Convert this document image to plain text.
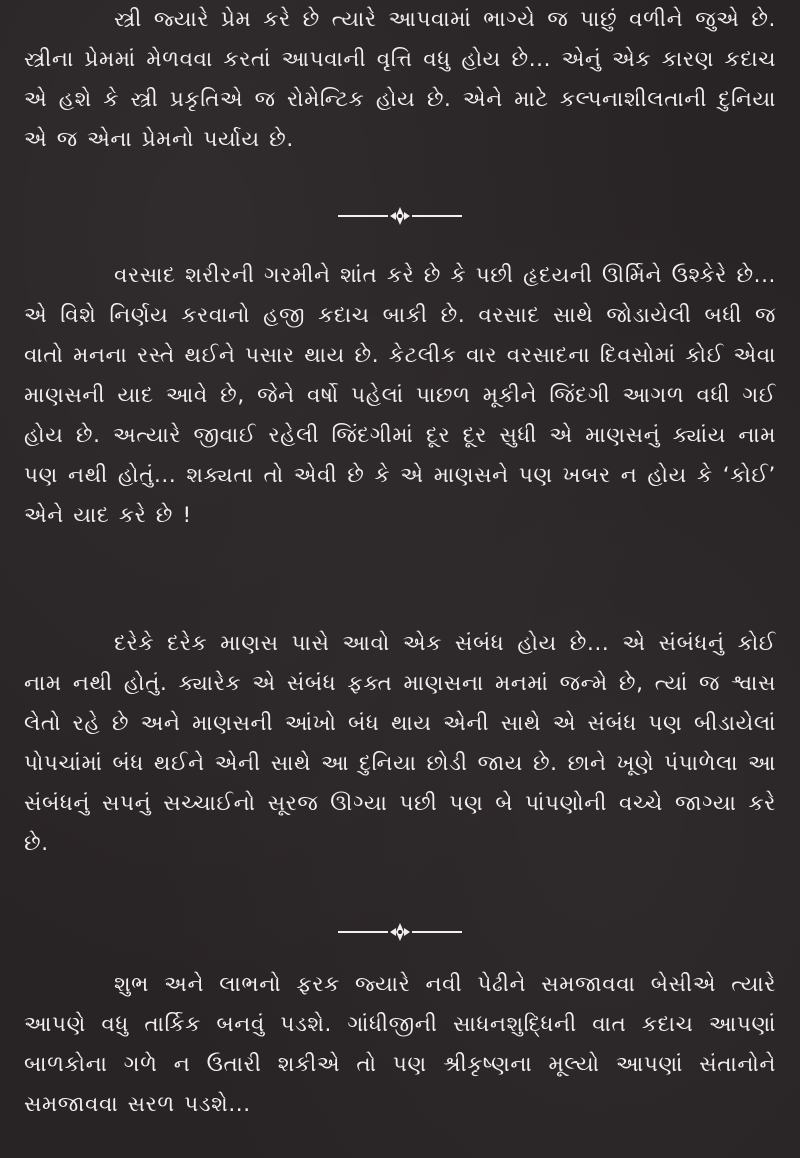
સ્ત્રી જ્યારે પ્રેમ કરે છે ત્યારે આપવામાં ભાગ્યે જ પાછું વળીને જુએ છે. સ્ત્રીના પ્રેમમાં મેળવવા કરતાં આપવાની વૃત્તિ વધુ હોય છે... એનું એક કારણ કદાચ એ હશે કે સ્ત્રી પ્રકૃતિએ જ રોમેન્ટિક હોય છે. એને માટે કલ્પનાશીલતાની દુનિયા એ જ એના પ્રેમનો પર્યાય છે.

વરસાદ શરીરની ગરમીને શાંત કરે છે કે પછી હૃદયની ઊર્મિને ઉશ્કેરે છે... એ વિશે નિર્ણય કરવાનો હજી કદાચ બાકી છે. વરસાદ સાથે જોડાયેલી બધી જ વાતો મનના રસ્તે થઈને પસાર થાય છે. કેટલીક વાર વરસાદના દિવસોમાં કોઈ એવા માણસની યાદ આવે છે, જેને વર્ષો પહેલાં પાછળ મૂકીને જિંદગી આગળ વધી ગઈ હોય છે. અત્યારે જીવાઈ રહેલી જિંદગીમાં દૂર દૂર સુધી એ માણસનું ક્યાંય નામ પણ નથી હોતું... શક્યતા તો એવી છે કે એ માણસને પણ ખબર ન હોય કે ‘કોઈ’ એને યાદ કરે છે !

દરેકે દરેક માણસ પાસે આવો એક સંબંધ હોય છે... એ સંબંધનું કોઈ નામ નથી હોતું. ક્યારેક એ સંબંધ ફક્ત માણસના મનમાં જન્મે છે, ત્યાં જ શ્વાસ લેતો રહે છે અને માણસની આંખો બંધ થાય એની સાથે એ સંબંધ પણ બીડાયેલાં પોપચાંમાં બંધ થઈને એની સાથે આ દુનિયા છોડી જાય છે. છાને ખૂણે પંપાળેલા આ સંબંધનું સપનું સચ્ચાઈનો સૂરજ ઊગ્યા પછી પણ બે પાંપણોની વચ્ચે જાગ્યા કરે છે.

શુભ અને લાભનો ફરક જ્યારે નવી પેઢીને સમજાવવા બેસીએ ત્યારે આપણે વધુ તાર્કિક બનવું પડશે. ગાંધીજીની સાધનશુદ્ધિની વાત કદાચ આપણાં બાળકોના ગળે ન ઉતારી શકીએ તો પણ શ્રીકૃષ્ણના મૂલ્યો આપણાં સંતાનોને સમજાવવા સરળ પડશે...
